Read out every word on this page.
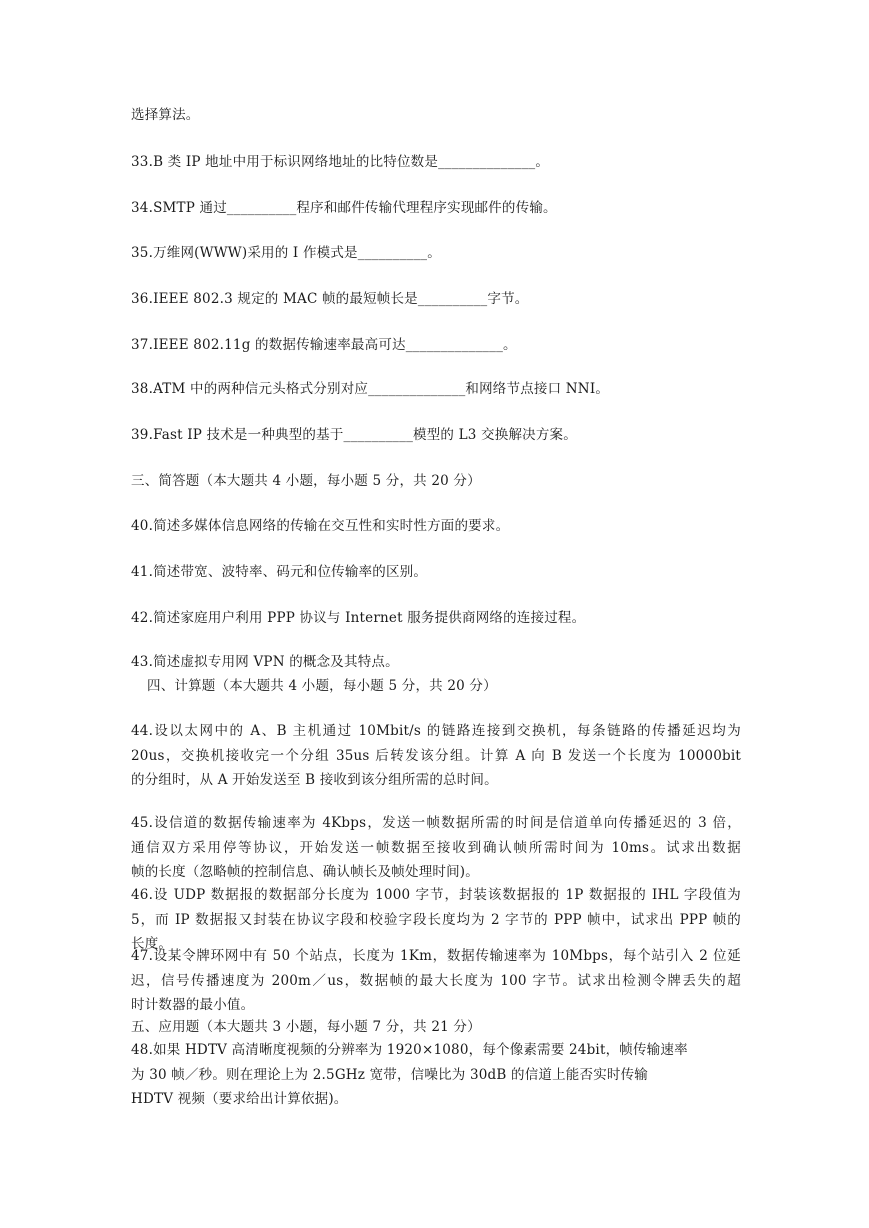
选择算法。
33.B 类 IP 地址中用于标识网络地址的比特位数是______________。
34.SMTP 通过__________程序和邮件传输代理程序实现邮件的传输。
35.万维网(WWW)采用的 I 作模式是__________。
36.IEEE 802.3 规定的 MAC 帧的最短帧长是__________字节。
37.IEEE 802.11g 的数据传输速率最高可达______________。
38.ATM 中的两种信元头格式分别对应______________和网络节点接口 NNI。
39.Fast IP 技术是一种典型的基于__________模型的 L3 交换解决方案。
三、简答题（本大题共 4 小题，每小题 5 分，共 20 分）
40.简述多媒体信息网络的传输在交互性和实时性方面的要求。
41.简述带宽、波特率、码元和位传输率的区别。
42.简述家庭用户利用 PPP 协议与 Internet 服务提供商网络的连接过程。
43.简述虚拟专用网 VPN 的概念及其特点。
四、计算题（本大题共 4 小题，每小题 5 分，共 20 分）
44.设以太网中的 A、B 主机通过 10Mbit/s 的链路连接到交换机，每条链路的传播延迟均为
20us，交换机接收完一个分组 35us 后转发该分组。计算 A 向 B 发送一个长度为 10000bit
的分组时，从 A 开始发送至 B 接收到该分组所需的总时间。
45.设信道的数据传输速率为 4Kbps，发送一帧数据所需的时间是信道单向传播延迟的 3 倍，
通信双方采用停等协议，开始发送一帧数据至接收到确认帧所需时间为 10ms。试求出数据
帧的长度（忽略帧的控制信息、确认帧长及帧处理时间)。
46.设 UDP 数据报的数据部分长度为 1000 字节，封装该数据报的 1P 数据报的 IHL 字段值为
5，而 IP 数据报又封装在协议字段和校验字段长度均为 2 字节的 PPP 帧中，试求出 PPP 帧的
长度。
47.设某令牌环网中有 50 个站点，长度为 1Km，数据传输速率为 10Mbps，每个站引入 2 位延
迟，信号传播速度为 200m／us，数据帧的最大长度为 100 字节。试求出检测令牌丢失的超
时计数器的最小值。
五、应用题（本大题共 3 小题，每小题 7 分，共 21 分）
48.如果 HDTV 高清晰度视频的分辨率为 1920×1080，每个像素需要 24bit，帧传输速率
为 30 帧／秒。则在理论上为 2.5GHz 宽带，信噪比为 30dB 的信道上能否实时传输
HDTV 视频（要求给出计算依据)。
